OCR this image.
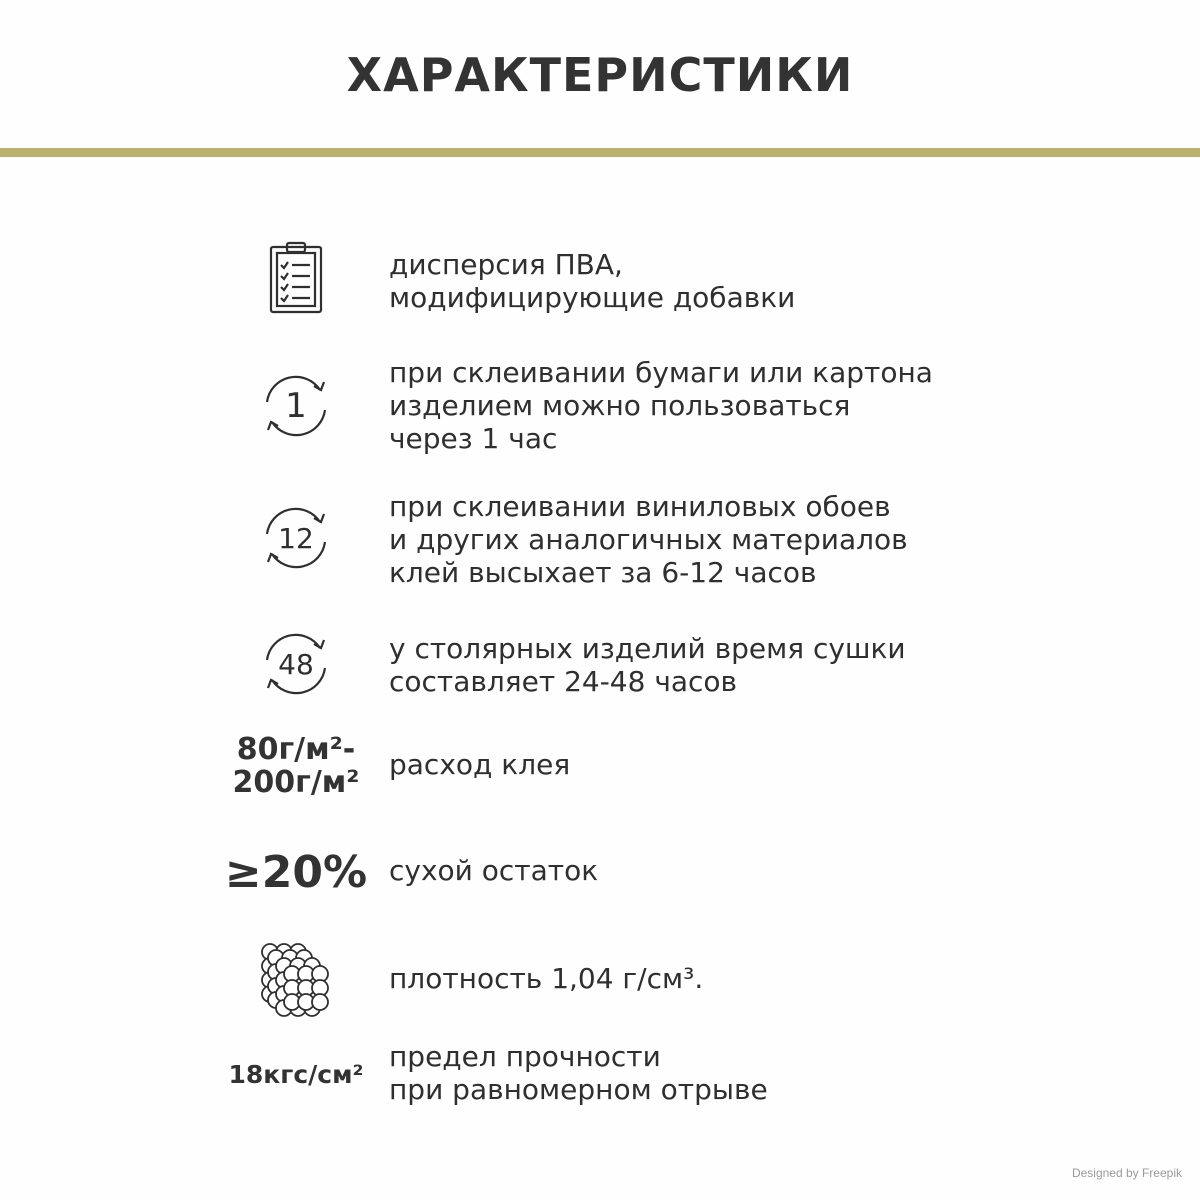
ХАРАКТЕРИСТИКИ
дисперсия ПВА,
модифицирующие добавки
1
при склеивании бумаги или картона
изделием можно пользоваться
через 1 час
12
при склеивании виниловых обоев
и других аналогичных материалов
клей высыхает за 6-12 часов
48	у столярных изделий время сушки
составляет 24-48 часов
80г/м²-
200г/м²
расход клея
≥20% сухой остаток
плотность 1,04 г/см³.
18кгс/см²
предел прочности
при равномерном отрыве
Designed by Freepik
